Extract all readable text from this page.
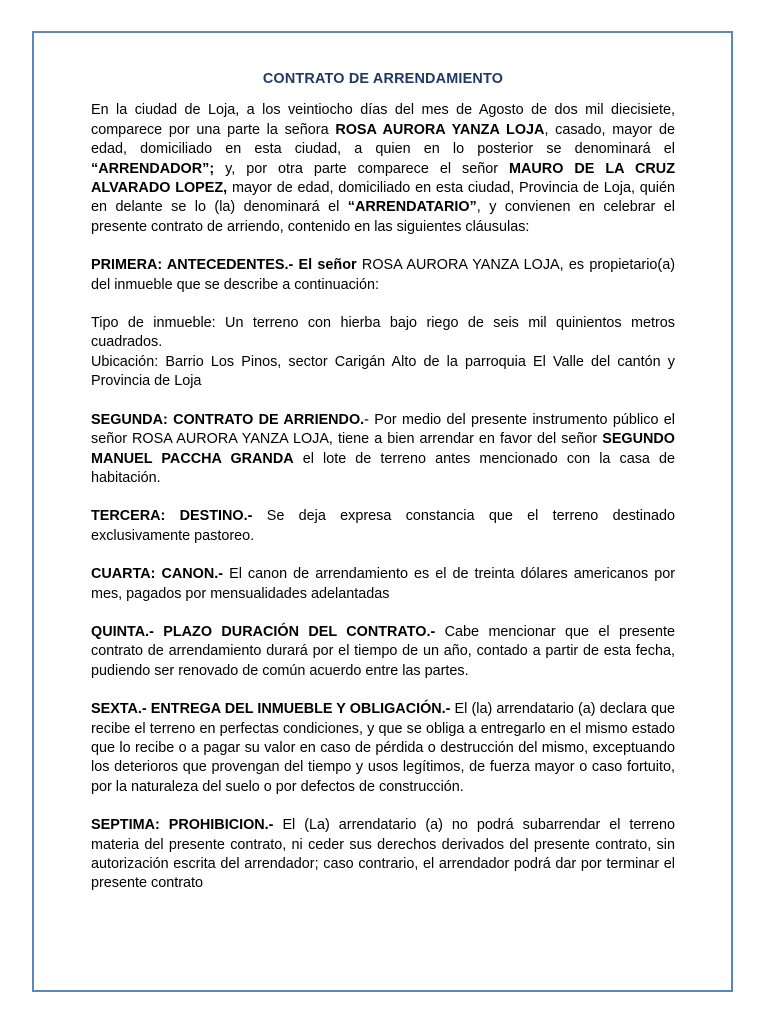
CONTRATO DE ARRENDAMIENTO

En la ciudad de Loja, a los veintiocho días del mes de Agosto de dos mil diecisiete, comparece por una parte la señora ROSA AURORA YANZA LOJA, casado, mayor de edad, domiciliado en esta ciudad, a quien en lo posterior se denominará el “ARRENDADOR”; y, por otra parte comparece el señor MAURO DE LA CRUZ ALVARADO LOPEZ, mayor de edad, domiciliado en esta ciudad, Provincia de Loja, quién en delante se lo (la) denominará el “ARRENDATARIO”, y convienen en celebrar el presente contrato de arriendo, contenido en las siguientes cláusulas:

PRIMERA: ANTECEDENTES.- El señor ROSA AURORA YANZA LOJA, es propietario(a) del inmueble que se describe a continuación:

Tipo de inmueble: Un terreno con hierba bajo riego de seis mil quinientos metros cuadrados.

Ubicación: Barrio Los Pinos, sector Carigán Alto de la parroquia El Valle del cantón y Provincia de Loja

SEGUNDA: CONTRATO DE ARRIENDO.- Por medio del presente instrumento público el señor ROSA AURORA YANZA LOJA, tiene a bien arrendar en favor del señor SEGUNDO MANUEL PACCHA GRANDA el lote de terreno antes mencionado con la casa de habitación.

TERCERA: DESTINO.- Se deja expresa constancia que el terreno destinado exclusivamente pastoreo.

CUARTA: CANON.- El canon de arrendamiento es el de treinta dólares americanos por mes, pagados por mensualidades adelantadas

QUINTA.- PLAZO DURACIÓN DEL CONTRATO.- Cabe mencionar que el presente contrato de arrendamiento durará por el tiempo de un año, contado a partir de esta fecha, pudiendo ser renovado de común acuerdo entre las partes.

SEXTA.- ENTREGA DEL INMUEBLE Y OBLIGACIÓN.- El (la) arrendatario (a) declara que recibe el terreno en perfectas condiciones, y que se obliga a entregarlo en el mismo estado que lo recibe o a pagar su valor en caso de pérdida o destrucción del mismo, exceptuando los deterioros que provengan del tiempo y usos legítimos, de fuerza mayor o caso fortuito, por la naturaleza del suelo o por defectos de construcción.

SEPTIMA: PROHIBICION.- El (La) arrendatario (a) no podrá subarrendar el terreno materia del presente contrato, ni ceder sus derechos derivados del presente contrato, sin autorización escrita del arrendador; caso contrario, el arrendador podrá dar por terminar el presente contrato
